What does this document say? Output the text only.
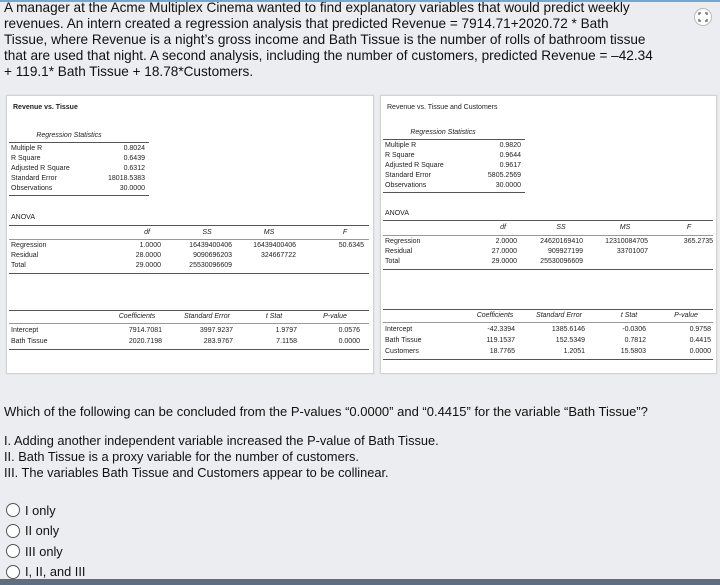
A manager at the Acme Multiplex Cinema wanted to find explanatory variables that would predict weekly revenues. An intern created a regression analysis that predicted Revenue = 7914.71+2020.72 * Bath Tissue, where Revenue is a night’s gross income and Bath Tissue is the number of rolls of bathroom tissue that are used that night. A second analysis, including the number of customers, predicted Revenue = –42.34 + 119.1* Bath Tissue + 18.78*Customers.
Revenue vs. Tissue
Regression Statistics
Multiple R	0.8024
R Square	0.6439
Adjusted R Square	0.6312
Standard Error	18018.5383
Observations	30.0000
ANOVA
df	SS	MS	F
Regression	1.0000	16439400406	16439400406	50.6345
Residual	28.0000	9090696203	324667722
Total	29.0000	25530096609
Coefficients	Standard Error	t Stat	P-value
Intercept	7914.7081	3997.9237	1.9797	0.0576
Bath Tissue	2020.7198	283.9767	7.1158	0.0000
Revenue vs. Tissue and Customers
Regression Statistics
Multiple R	0.9820
R Square	0.9644
Adjusted R Square	0.9617
Standard Error	5805.2569
Observations	30.0000
ANOVA
df	SS	MS	F
Regression	2.0000	24620169410	12310084705	365.2735
Residual	27.0000	909927199	33701007
Total	29.0000	25530096609
Coefficients	Standard Error	t Stat	P-value
Intercept	-42.3394	1385.6146	-0.0306	0.9758
Bath Tissue	119.1537	152.5349	0.7812	0.4415
Customers	18.7765	1.2051	15.5803	0.0000
Which of the following can be concluded from the P-values “0.0000” and “0.4415” for the variable “Bath Tissue”?
I. Adding another independent variable increased the P-value of Bath Tissue.
II. Bath Tissue is a proxy variable for the number of customers.
III. The variables Bath Tissue and Customers appear to be collinear.
I only
II only
III only
I, II, and III
